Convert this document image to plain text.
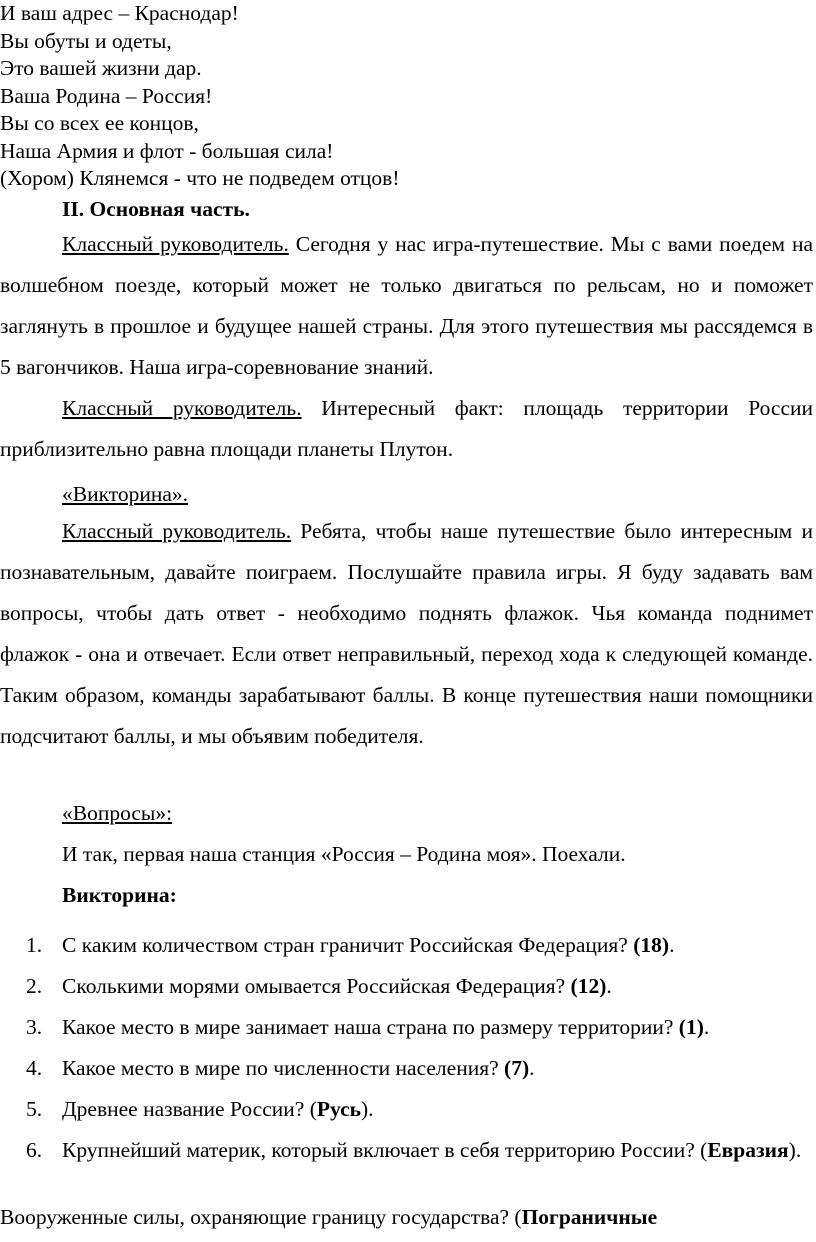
И ваш адрес – Краснодар!
Вы обуты и одеты,
Это вашей жизни дар.
Ваша Родина – Россия!
Вы со всех ее концов,
Наша Армия и флот - большая сила!
(Хором) Клянемся - что не подведем отцов!
II. Основная часть.

Классный руководитель. Сегодня у нас игра-путешествие. Мы с вами поедем на волшебном поезде, который может не только двигаться по рельсам, но и поможет заглянуть в прошлое и будущее нашей страны. Для этого путешествия мы рассядемся в 5 вагончиков. Наша игра-соревнование знаний.

Классный руководитель. Интересный факт: площадь территории России приблизительно равна площади планеты Плутон.

«Викторина».

Классный руководитель. Ребята, чтобы наше путешествие было интересным и познавательным, давайте поиграем. Послушайте правила игры. Я буду задавать вам вопросы, чтобы дать ответ - необходимо поднять флажок. Чья команда поднимет флажок - она и отвечает. Если ответ неправильный, переход хода к следующей команде. Таким образом, команды зарабатывают баллы. В конце путешествия наши помощники подсчитают баллы, и мы объявим победителя.

«Вопросы»:
И так, первая наша станция «Россия – Родина моя». Поехали.
Викторина:
1. С каким количеством стран граничит Российская Федерация? (18).
2. Сколькими морями омывается Российская Федерация? (12).
3. Какое место в мире занимает наша страна по размеру территории? (1).
4. Какое место в мире по численности населения? (7).
5. Древнее название России? (Русь).
6. Крупнейший материк, который включает в себя территорию России? (Евразия).
Вооруженные силы, охраняющие границу государства? (Пограничные
